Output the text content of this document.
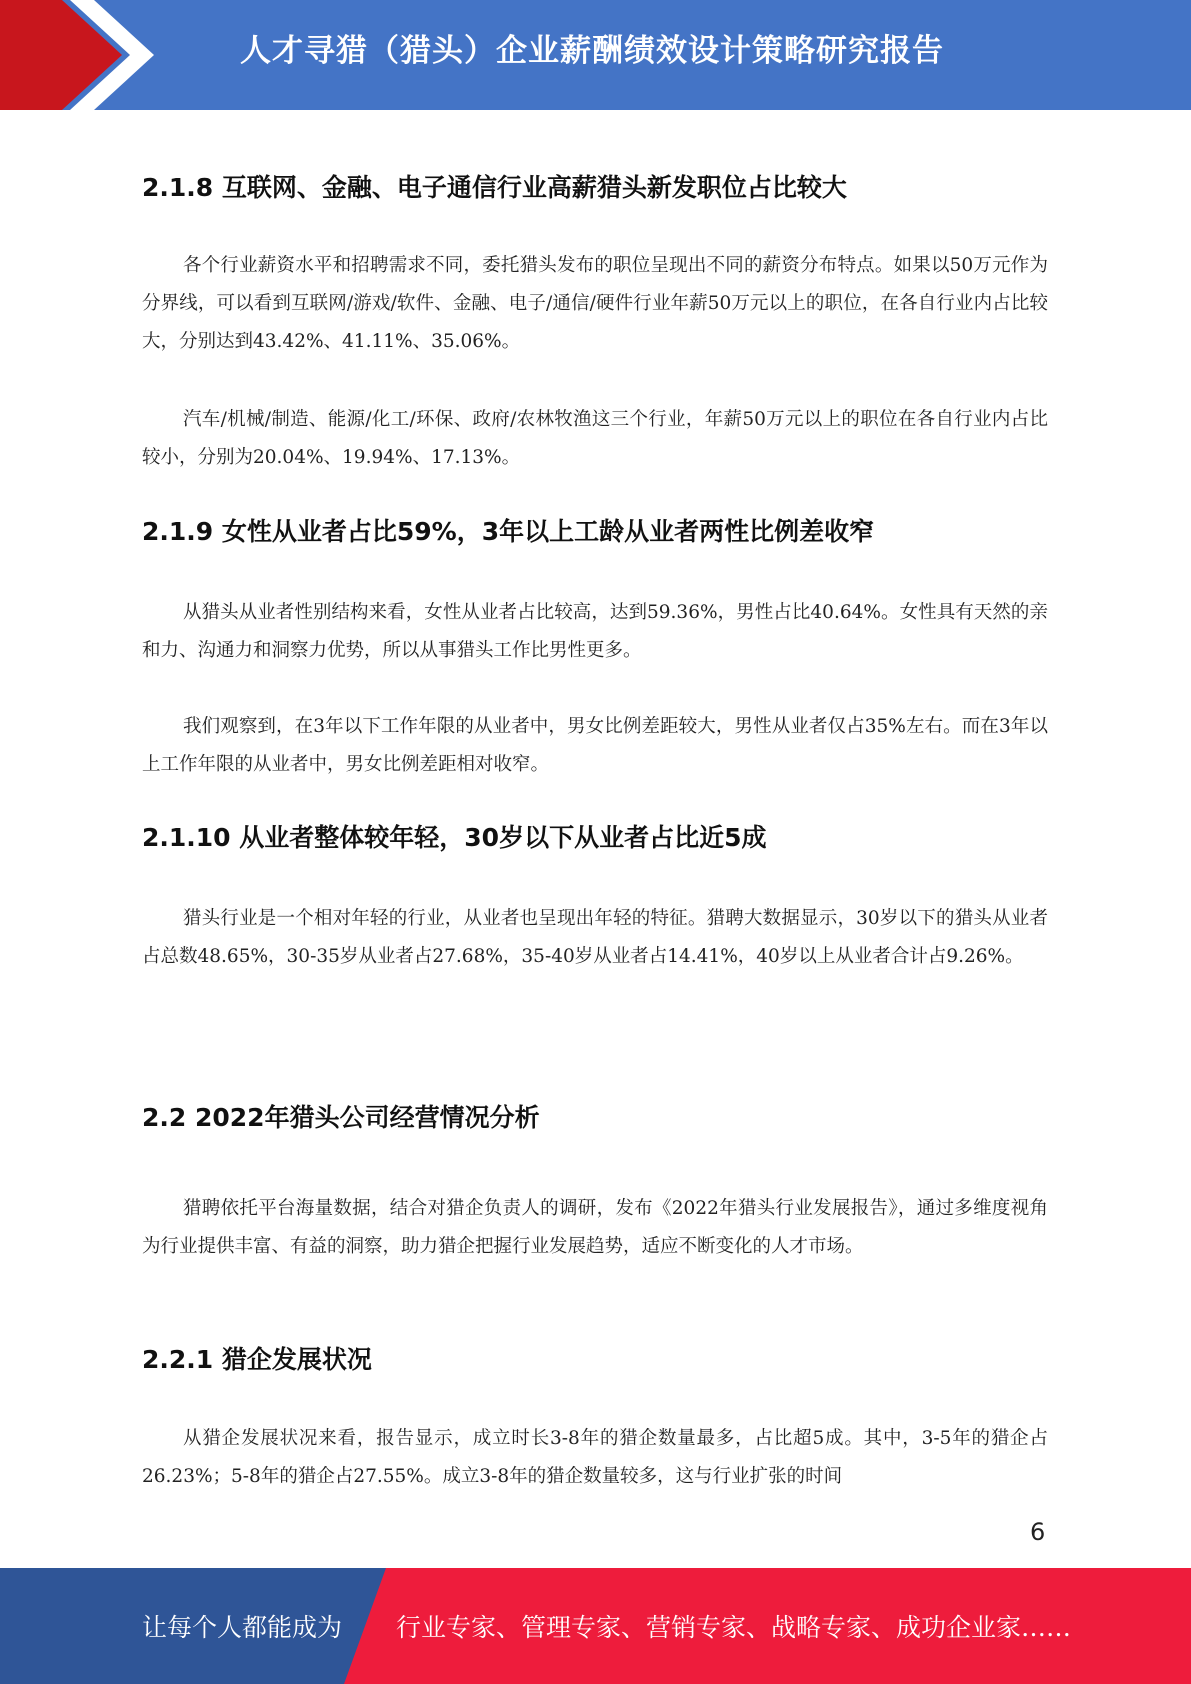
人才寻猎（猎头）企业薪酬绩效设计策略研究报告
2.1.8 互联网、金融、电子通信行业高薪猎头新发职位占比较大
各个行业薪资水平和招聘需求不同，委托猎头发布的职位呈现出不同的薪资分布特点。如果以50万元作为分界线，可以看到互联网/游戏/软件、金融、电子/通信/硬件行业年薪50万元以上的职位，在各自行业内占比较大，分别达到43.42%、41.11%、35.06%。
汽车/机械/制造、能源/化工/环保、政府/农林牧渔这三个行业，年薪50万元以上的职位在各自行业内占比较小，分别为20.04%、19.94%、17.13%。
2.1.9 女性从业者占比59%，3年以上工龄从业者两性比例差收窄
从猎头从业者性别结构来看，女性从业者占比较高，达到59.36%，男性占比40.64%。女性具有天然的亲和力、沟通力和洞察力优势，所以从事猎头工作比男性更多。
我们观察到，在3年以下工作年限的从业者中，男女比例差距较大，男性从业者仅占35%左右。而在3年以上工作年限的从业者中，男女比例差距相对收窄。
2.1.10 从业者整体较年轻，30岁以下从业者占比近5成
猎头行业是一个相对年轻的行业，从业者也呈现出年轻的特征。猎聘大数据显示，30岁以下的猎头从业者占总数48.65%，30-35岁从业者占27.68%，35-40岁从业者占14.41%，40岁以上从业者合计占9.26%。
2.2 2022年猎头公司经营情况分析
猎聘依托平台海量数据，结合对猎企负责人的调研，发布《2022年猎头行业发展报告》，通过多维度视角为行业提供丰富、有益的洞察，助力猎企把握行业发展趋势，适应不断变化的人才市场。
2.2.1 猎企发展状况
从猎企发展状况来看，报告显示，成立时长3-8年的猎企数量最多，占比超5成。其中，3-5年的猎企占26.23%；5-8年的猎企占27.55%。成立3-8年的猎企数量较多，这与行业扩张的时间
6
让每个人都能成为 行业专家、管理专家、营销专家、战略专家、成功企业家……
